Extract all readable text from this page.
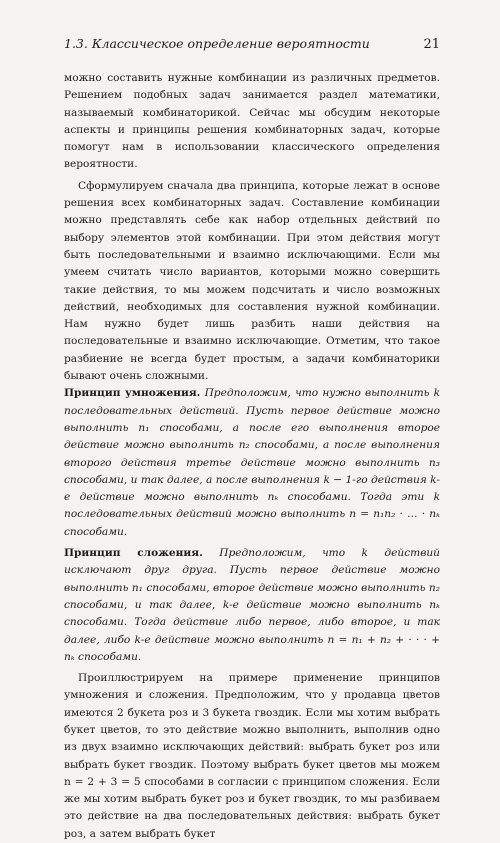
1.3. Классическое определение вероятности	21

можно составить нужные комбинации из различных предметов. Решением подобных задач занимается раздел математики, называемый комбинаторикой. Сейчас мы обсудим некоторые аспекты и принципы решения комбинаторных задач, которые помогут нам в использовании классического определения вероятности.

Сформулируем сначала два принципа, которые лежат в основе решения всех комбинаторных задач. Составление комбинации можно представлять себе как набор отдельных действий по выбору элементов этой комбинации. При этом действия могут быть последовательными и взаимно исключающими. Если мы умеем считать число вариантов, которыми можно совершить такие действия, то мы можем подсчитать и число возможных действий, необходимых для составления нужной комбинации. Нам нужно будет лишь разбить наши действия на последовательные и взаимно исключающие. Отметим, что такое разбиение не всегда будет простым, а задачи комбинаторики бывают очень сложными.

Принцип умножения. Предположим, что нужно выполнить k последовательных действий. Пусть первое действие можно выполнить n₁ способами, а после его выполнения второе действие можно выполнить n₂ способами, а после выполнения второго действия третье действие можно выполнить n₃ способами, и так далее, а после выполнения k − 1-го действия k-е действие можно выполнить nₖ способами. Тогда эти k последовательных действий можно выполнить n = n₁n₂ · … · nₖ способами.

Принцип сложения. Предположим, что k действий исключают друг друга. Пусть первое действие можно выполнить n₁ способами, второе действие можно выполнить n₂ способами, и так далее, k-е действие можно выполнить nₖ способами. Тогда действие либо первое, либо второе, и так далее, либо k-е действие можно выполнить n = n₁ + n₂ + · · · + nₖ способами.

Проиллюстрируем на примере применение принципов умножения и сложения. Предположим, что у продавца цветов имеются 2 букета роз и 3 букета гвоздик. Если мы хотим выбрать букет цветов, то это действие можно выполнить, выполнив одно из двух взаимно исключающих действий: выбрать букет роз или выбрать букет гвоздик. Поэтому выбрать букет цветов мы можем n = 2 + 3 = 5 способами в согласии с принципом сложения. Если же мы хотим выбрать букет роз и букет гвоздик, то мы разбиваем это действие на два последовательных действия: выбрать букет роз, а затем выбрать букет
